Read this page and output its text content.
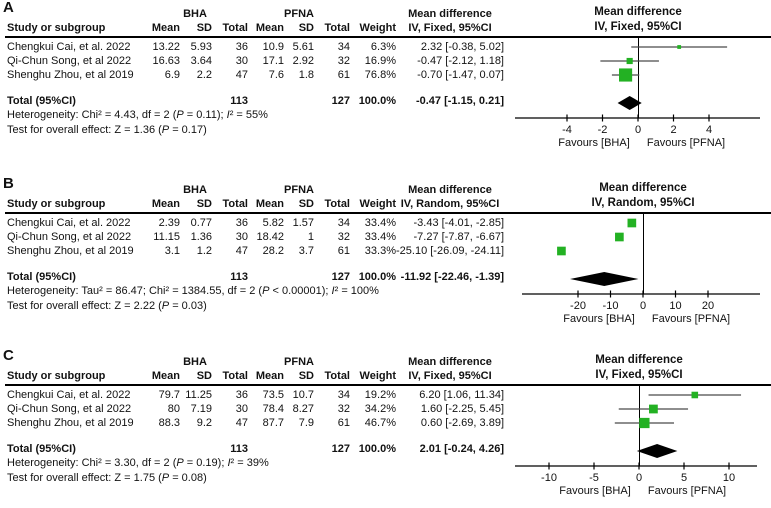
A	BHA	PFNA	Mean difference
Study or subgroup	Mean	SD Total Mean	SD Total Weight	IV, Fixed, 95%CI
Chengkui Cai, et al. 2022	13.22 5.93	36	10.9 5.61	34	6.3%	2.32 [-0.38, 5.02]
Qi-Chun Song, et al 2022	16.63 3.64	30	17.1 2.92	32	16.9%	-0.47 [-2.12, 1.18]
Shenghu Zhou, et al 2019	6.9	2.2	47	7.6	1.8	61	76.8%	-0.70 [-1.47, 0.07]
Total (95%CI)	113	127 100.0%	-0.47 [-1.15, 0.21]
Heterogeneity: Chi² = 4.43, df = 2 (P = 0.11); I² = 55%
Test for overall effect: Z = 1.36 (P = 0.17)
Mean difference
IV, Fixed, 95%CI
-4 -2	0	2	4
Favours [BHA] Favours [PFNA]
B	BHA	PFNA	Mean difference
Study or subgroup	Mean	SD Total Mean	SD Total Weight IV, Random, 95%CI
Chengkui Cai, et al. 2022	2.39 0.77	36	5.82 1.57	34	33.4%	-3.43 [-4.01, -2.85]
Qi-Chun Song, et al 2022	11.15 1.36	30 18.42	1	32	33.4%	-7.27 [-7.87, -6.67]
Shenghu Zhou, et al 2019	3.1	1.2	47	28.2	3.7	61	33.3% -25.10 [-26.09, -24.11]
Total (95%CI)	113	127 100.0% -11.92 [-22.46, -1.39]
Heterogeneity: Tau² = 86.47; Chi² = 1384.55, df = 2 (P < 0.00001); I² = 100%
Test for overall effect: Z = 2.22 (P = 0.03)
Mean difference
IV, Random, 95%CI
-20 -10 0 10 20
Favours [BHA] Favours [PFNA]
C	BHA	PFNA	Mean difference
Study or subgroup	Mean	SD Total Mean	SD Total Weight	IV, Fixed, 95%CI
Chengkui Cai, et al. 2022	79.7 11.25	36	73.5 10.7	34	19.2%	6.20 [1.06, 11.34]
Qi-Chun Song, et al 2022	80 7.19	30	78.4 8.27	32	34.2%	1.60 [-2.25, 5.45]
Shenghu Zhou, et al 2019	88.3	9.2	47	87.7	7.9	61	46.7%	0.60 [-2.69, 3.89]
Total (95%CI)	113	127 100.0%	2.01 [-0.24, 4.26]
Heterogeneity: Chi² = 3.30, df = 2 (P = 0.19); I² = 39%
Test for overall effect: Z = 1.75 (P = 0.08)
Mean difference
IV, Fixed, 95%CI
-10	-5	0	5	10
Favours [BHA] Favours [PFNA]
